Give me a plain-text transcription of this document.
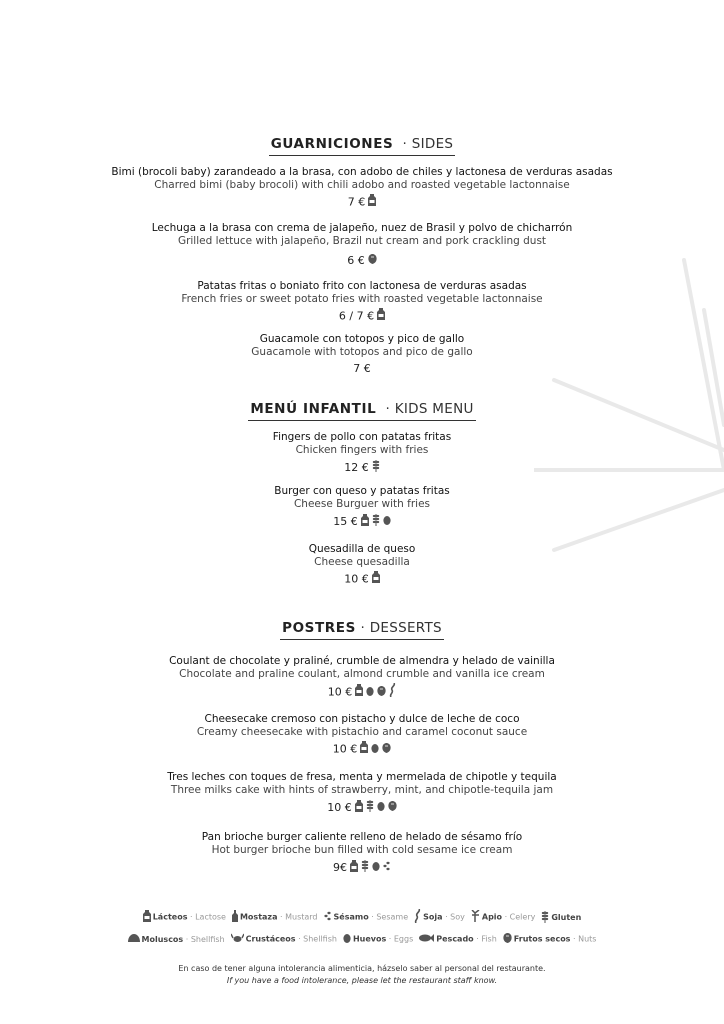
GUARNICIONES · SIDES
Bimi (brocoli baby) zarandeado a la brasa, con adobo de chiles y lactonesa de verduras asadas
Charred bimi (baby brocoli) with chili adobo and roasted vegetable lactonnaise
7 €
Lechuga a la brasa con crema de jalapeño, nuez de Brasil y polvo de chicharrón
Grilled lettuce with jalapeño, Brazil nut cream and pork crackling dust
6 €
Patatas fritas o boniato frito con lactonesa de verduras asadas
French fries or sweet potato fries with roasted vegetable lactonnaise
6 / 7 €
Guacamole con totopos y pico de gallo
Guacamole with totopos and pico de gallo
7 €
MENÚ INFANTIL · KIDS MENU
Fingers de pollo con patatas fritas
Chicken fingers with fries
12 €
Burger con queso y patatas fritas
Cheese Burguer with fries
15 €
Quesadilla de queso
Cheese quesadilla
10 €
POSTRES · DESSERTS
Coulant de chocolate y praliné, crumble de almendra y helado de vainilla
Chocolate and praline coulant, almond crumble and vanilla ice cream
10 €
Cheesecake cremoso con pistacho y dulce de leche de coco
Creamy cheesecake with pistachio and caramel coconut sauce
10 €
Tres leches con toques de fresa, menta y mermelada de chipotle y tequila
Three milks cake with hints of strawberry, mint, and chipotle-tequila jam
10 €
Pan brioche burger caliente relleno de helado de sésamo frío
Hot burger brioche bun filled with cold sesame ice cream
9€
Lácteos · Lactose Mostaza · Mustard Sésamo · Sesame Soja · Soy Apio · Celery Gluten
Moluscos · Shellfish	Crustáceos · Shellfish Huevos · Eggs	Pescado · Fish Frutos secos · Nuts
En caso de tener alguna intolerancia alimenticia, házselo saber al personal del restaurante.
If you have a food intolerance, please let the restaurant staff know.
